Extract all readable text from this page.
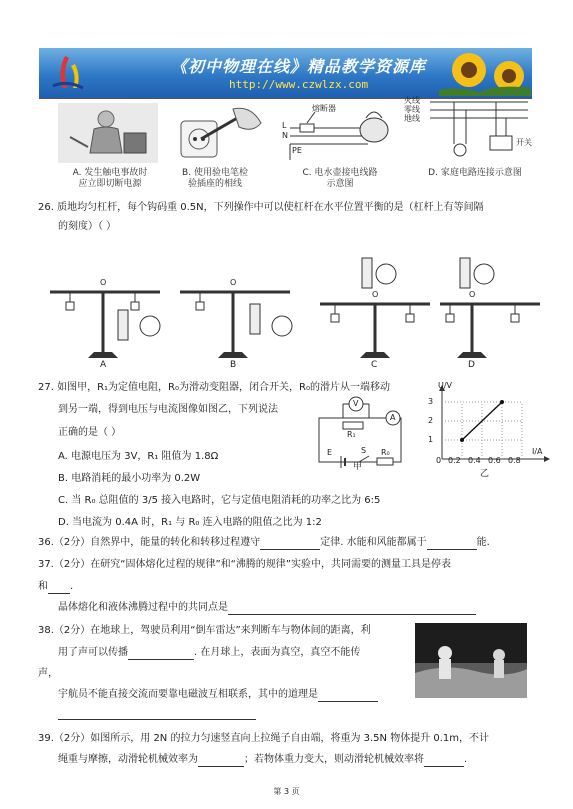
《初中物理在线》精品教学资源库
http://www.czwlzx.com
A. 发生触电事故时
应立即切断电源
B. 使用验电笔检
验插座的相线
熔断器
L
N
PE
C. 电水壶接电线路
示意图
火线
零线
地线
开关
D. 家庭电路连接示意图
26. 质地均匀杠杆，每个钩码重 0.5N，下列操作中可以使杠杆在水平位置平衡的是（杠杆上有等间隔
的刻度）（ ）
O	O
O	O
A	B	C	D
27. 如图甲，R₁为定值电阻，R₀为滑动变阻器，闭合开关，R₀的滑片从一端移动
到另一端，得到电压与电流图像如图乙，下列说法
正确的是（ ）
A. 电源电压为 3V，R₁ 阻值为 1.8Ω
B. 电路消耗的最小功率为 0.2W
C. 当 R₀ 总阻值的 3/5 接入电路时，它与定值电阻消耗的功率之比为 6:5
D. 当电流为 0.4A 时，R₁ 与 R₀ 连入电路的阻值之比为 1:2
V
A
R₁
E	S R₀
甲
U/V
I/A
0
1
2
3
0.2 0.4 0.6 0.8
乙
36.（2分）自然界中，能量的转化和转移过程遵守	定律. 水能和风能都属于	能.
37.（2分）在研究“固体熔化过程的规律”和“沸腾的规律”实验中，共同需要的测量工具是停表
和 .
晶体熔化和液体沸腾过程中的共同点是
38.（2分）在地球上，驾驶员利用“倒车雷达”来判断车与物体间的距离，利
用了声可以传播	. 在月球上，表面为真空，真空不能传
声，
宇航员不能直接交流而要靠电磁波互相联系，其中的道理是
39.（2分）如图所示，用 2N 的拉力匀速竖直向上拉绳子自由端，将重为 3.5N 物体提升 0.1m，不计
绳重与摩擦，动滑轮机械效率为	；若物体重力变大，则动滑轮机械效率将	.
第 3 页
